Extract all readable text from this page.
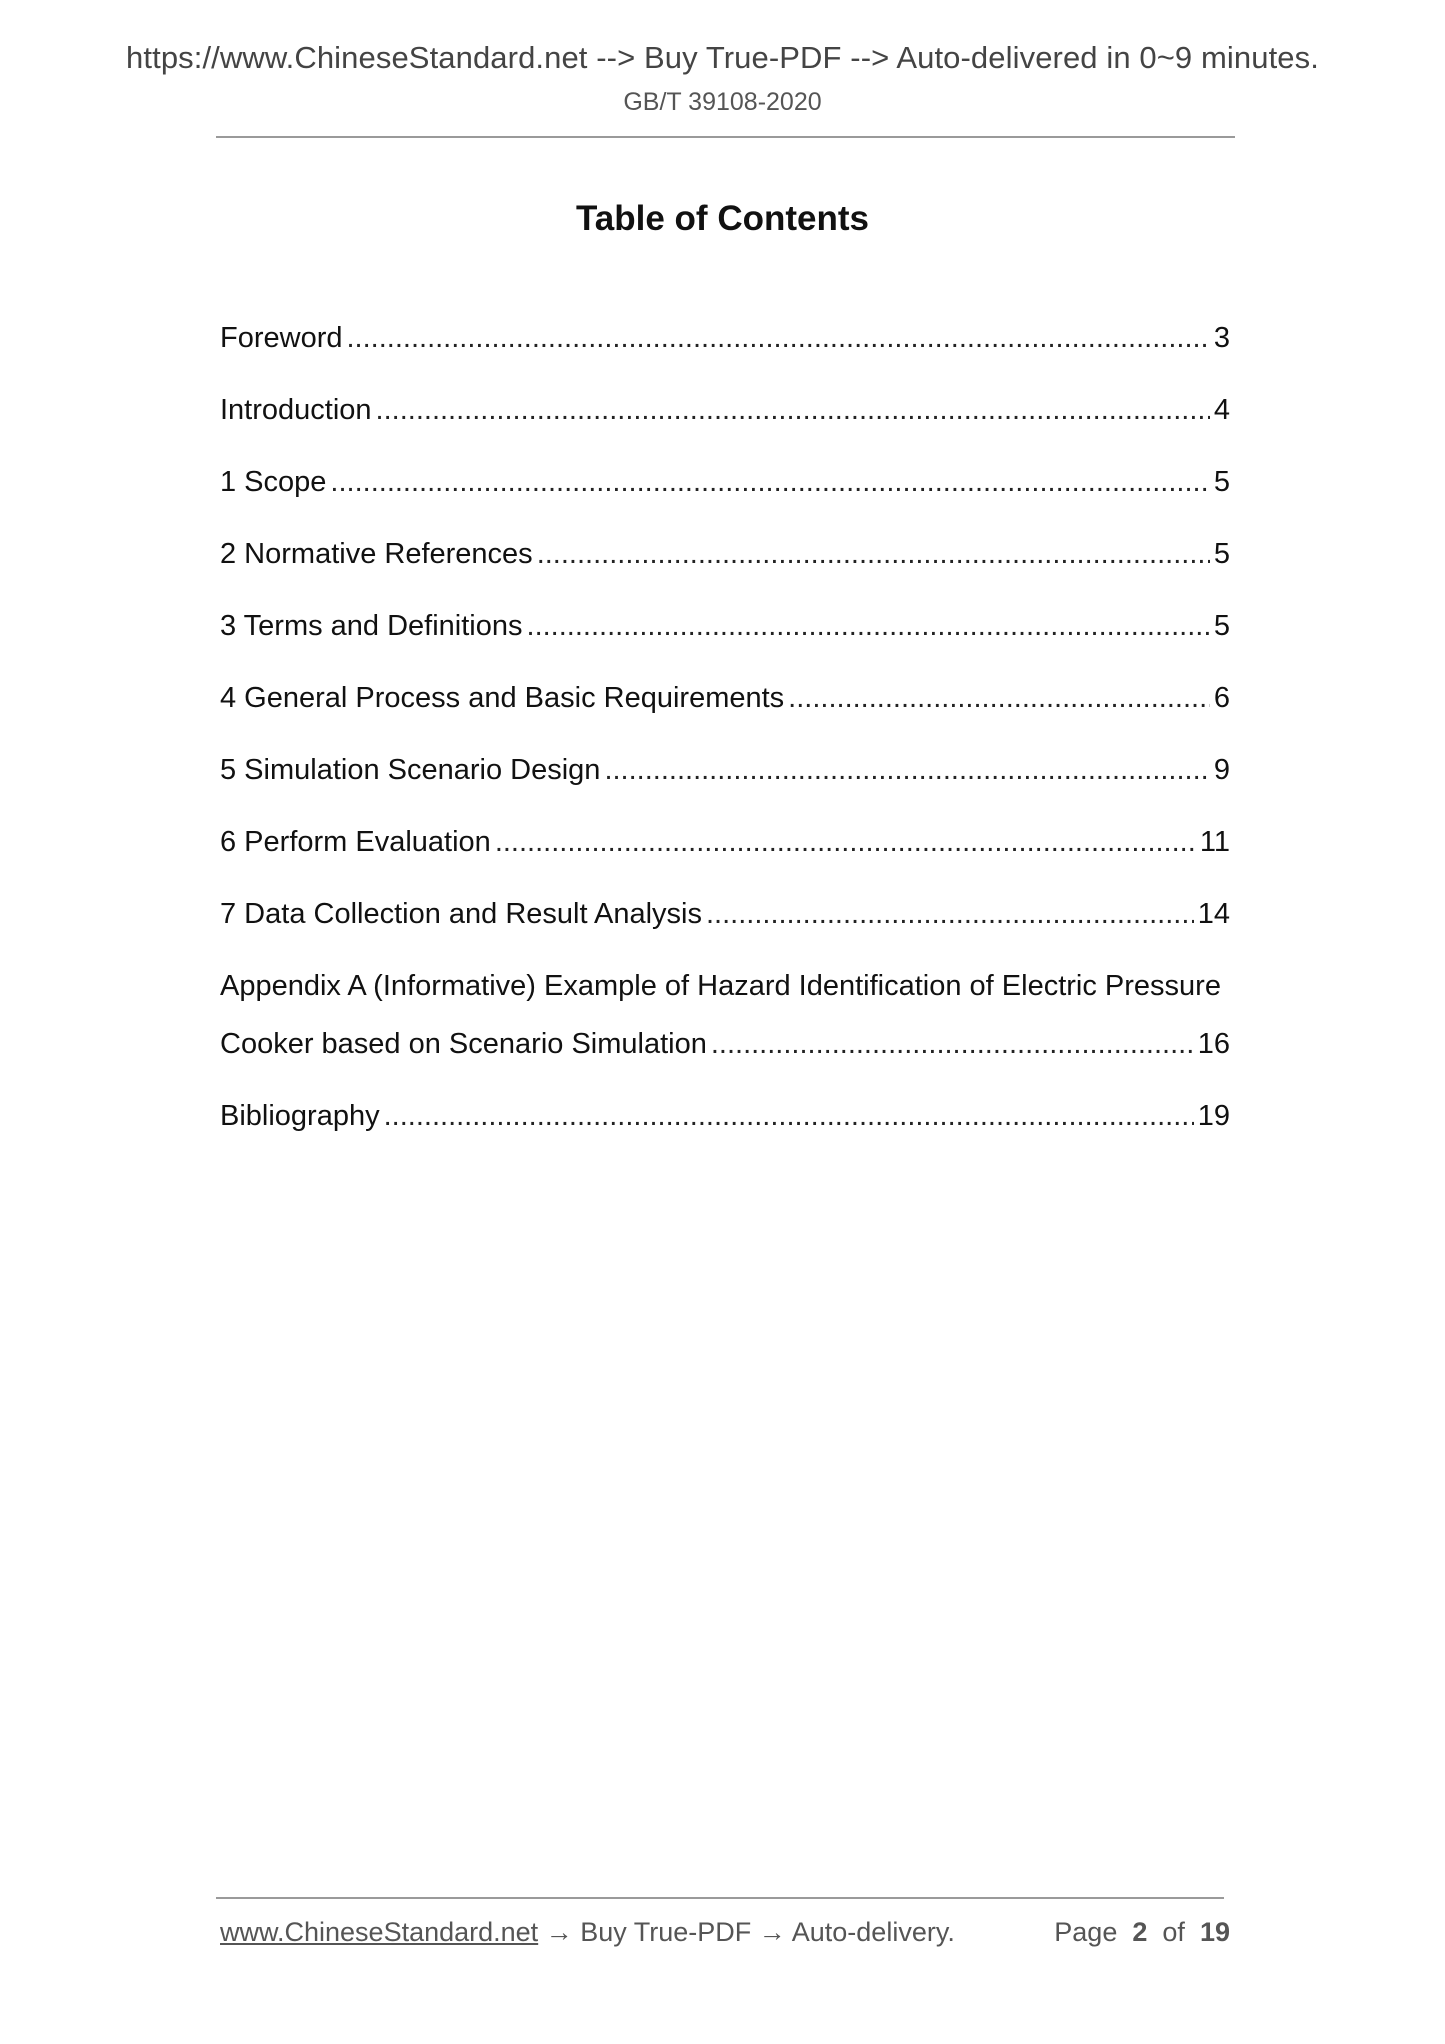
https://www.ChineseStandard.net --> Buy True-PDF --> Auto-delivered in 0~9 minutes.
GB/T 39108-2020
Table of Contents
Foreword .....	3
Introduction .....	4
1 Scope .....	5
2 Normative References .....	5
3 Terms and Definitions .....	5
4 General Process and Basic Requirements .....	6
5 Simulation Scenario Design .....	9
6 Perform Evaluation .....	11
7 Data Collection and Result Analysis .....	14
Appendix A (Informative) Example of Hazard Identification of Electric Pressure
Cooker based on Scenario Simulation .....	16
Bibliography .....	19
www.ChineseStandard.net → Buy True-PDF → Auto-delivery.	Page 2 of 19
